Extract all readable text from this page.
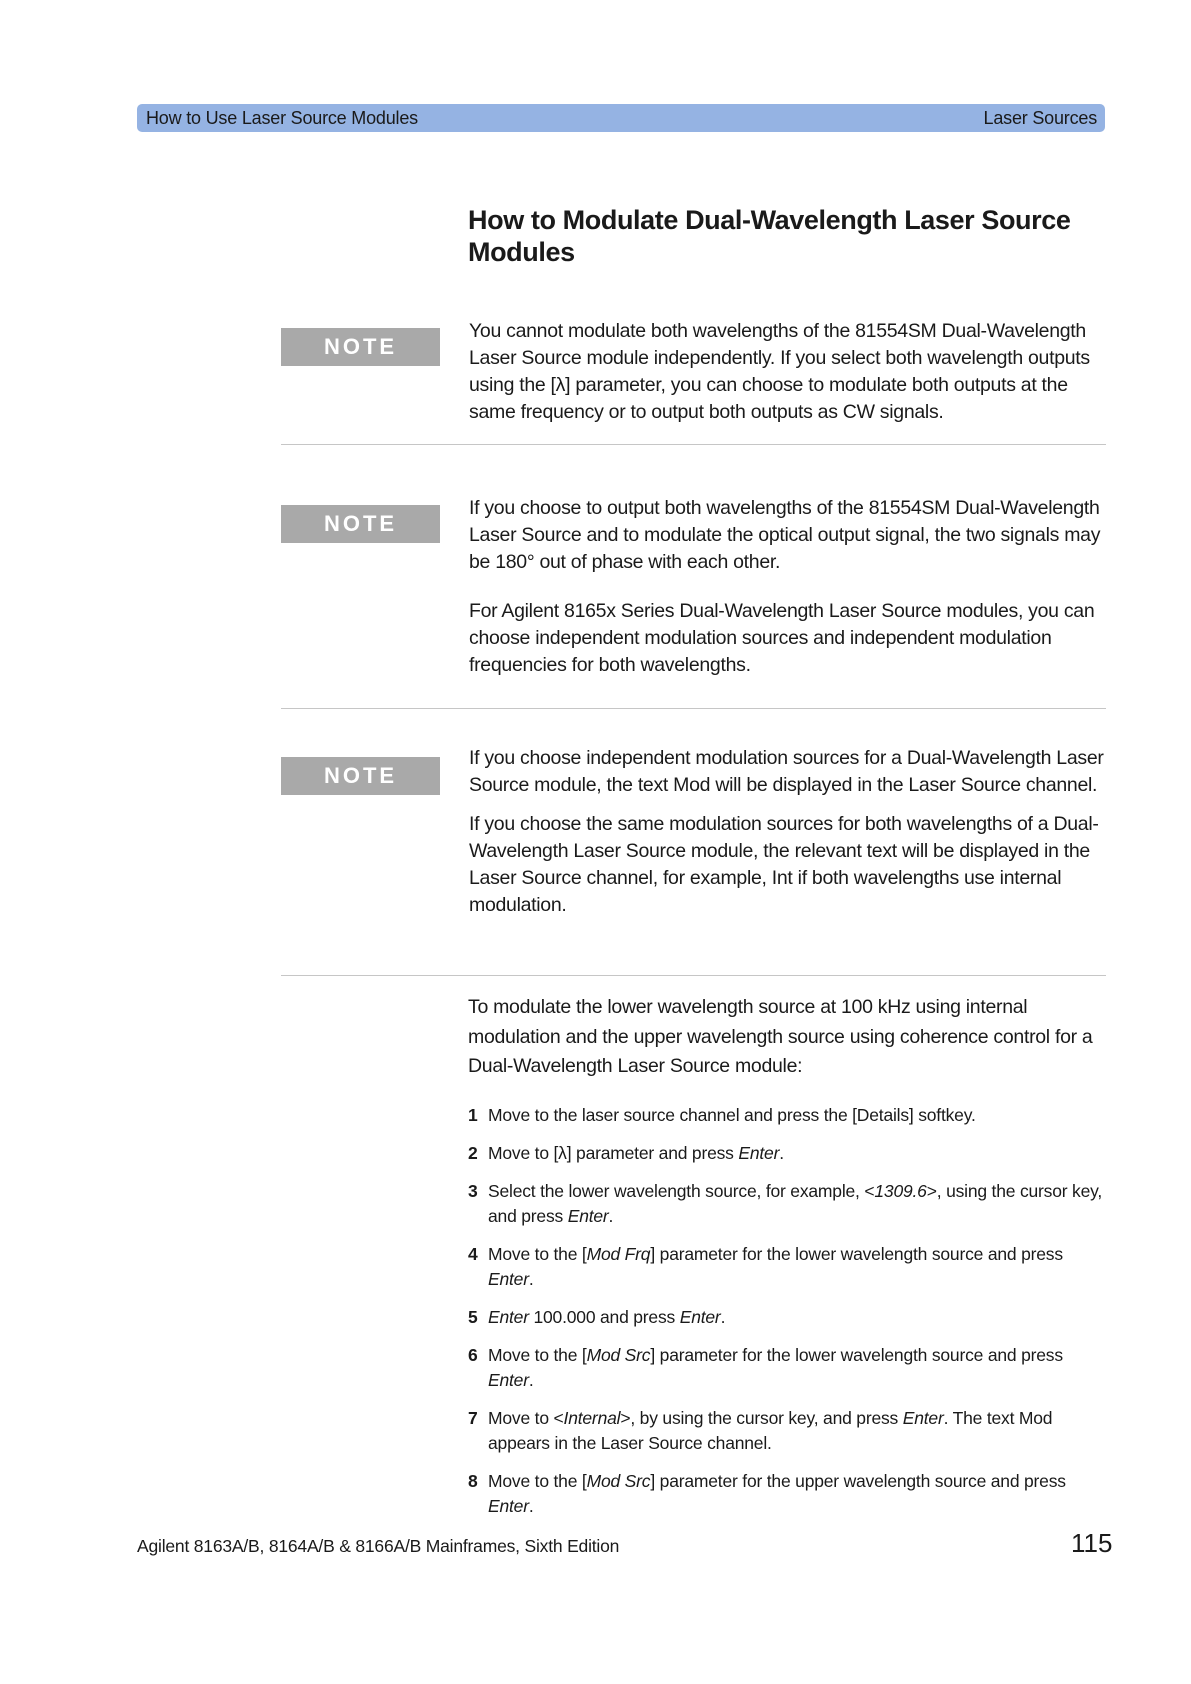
How to Use Laser Source Modules	Laser Sources
How to Modulate Dual-Wavelength Laser Source Modules
NOTE

You cannot modulate both wavelengths of the 81554SM Dual-Wavelength Laser Source module independently. If you select both wavelength outputs using the [λ] parameter, you can choose to modulate both outputs at the same frequency or to output both outputs as CW signals.

NOTE

If you choose to output both wavelengths of the 81554SM Dual-Wavelength Laser Source and to modulate the optical output signal, the two signals may be 180° out of phase with each other.

For Agilent 8165x Series Dual-Wavelength Laser Source modules, you can choose independent modulation sources and independent modulation frequencies for both wavelengths.

NOTE

If you choose independent modulation sources for a Dual-Wavelength Laser Source module, the text Mod will be displayed in the Laser Source channel.

If you choose the same modulation sources for both wavelengths of a Dual-Wavelength Laser Source module, the relevant text will be displayed in the Laser Source channel, for example, Int if both wavelengths use internal modulation.

To modulate the lower wavelength source at 100 kHz using internal modulation and the upper wavelength source using coherence control for a Dual-Wavelength Laser Source module:

1 Move to the laser source channel and press the [Details] softkey.
2 Move to [λ] parameter and press Enter.
3 Select the lower wavelength source, for example, <1309.6>, using the cursor key, and press Enter.
4 Move to the [Mod Frq] parameter for the lower wavelength source and press Enter.
5 Enter 100.000 and press Enter.
6 Move to the [Mod Src] parameter for the lower wavelength source and press Enter.
7 Move to <Internal>, by using the cursor key, and press Enter. The text Mod appears in the Laser Source channel.
8 Move to the [Mod Src] parameter for the upper wavelength source and press Enter.
Agilent 8163A/B, 8164A/B & 8166A/B Mainframes, Sixth Edition	115
